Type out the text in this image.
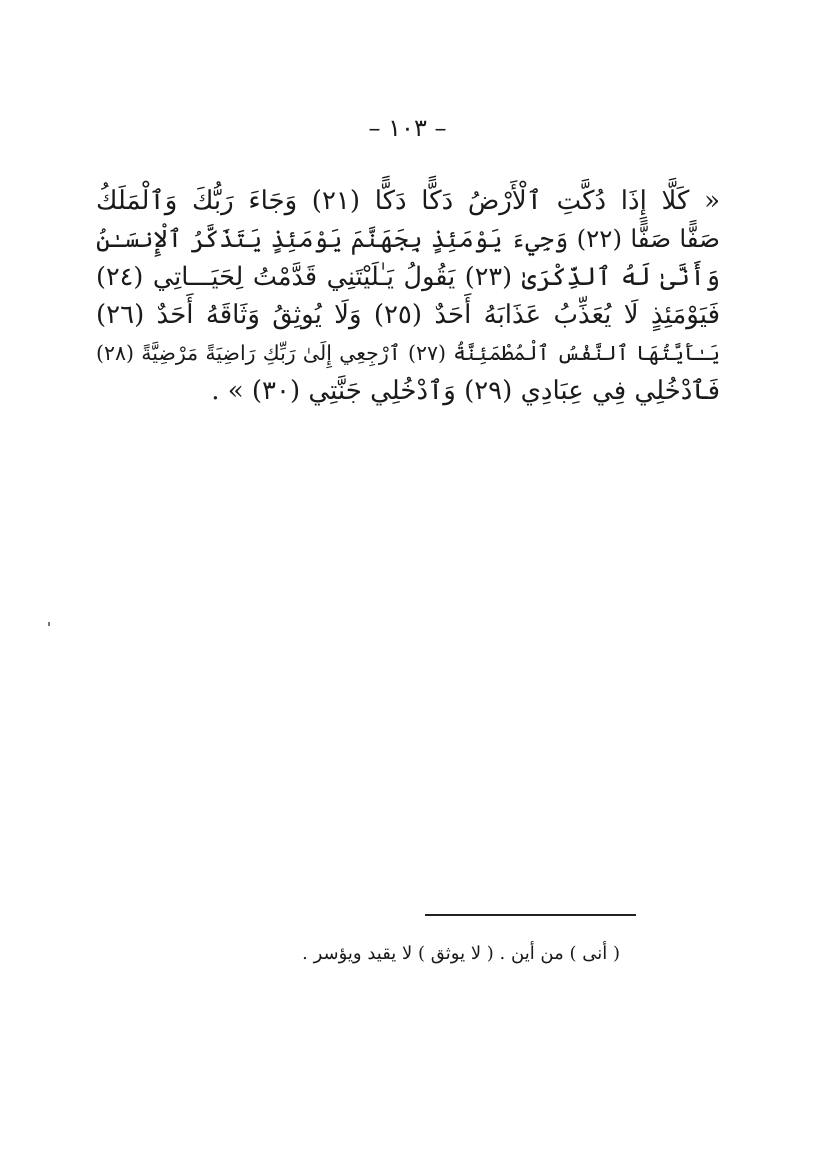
– ١٠٣ –
« كَلَّا إِذَا دُكَّتِ ٱلْأَرْضُ دَكًّا دَكًّا (٢١) وَجَاءَ رَبُّكَ وَٱلْمَلَكُ
صَفًّا صَفًّا (٢٢) وَجِيءَ يَوْمَئِذٍ بِجَهَنَّمَ يَوْمَئِذٍ يَتَذَكَّرُ ٱلْإِنسَـٰنُ
وَأَنَّىٰ لَهُ ٱلذِّكْرَىٰ (٢٣) يَقُولُ يَـٰلَيْتَنِي قَدَّمْتُ لِحَيَـــاتِي (٢٤)
فَيَوْمَئِذٍ لَا يُعَذِّبُ عَذَابَهُ أَحَدٌ (٢٥) وَلَا يُوثِقُ وَثَاقَهُ أَحَدٌ (٢٦)
يَـٰأَيَّتُهَا ٱلنَّفْسُ ٱلْمُطْمَئِنَّةُ (٢٧) ٱرْجِعِي إِلَىٰ رَبِّكِ رَاضِيَةً مَرْضِيَّةً (٢٨)
فَٱدْخُلِي فِي عِبَادِي (٢٩) وَٱدْخُلِي جَنَّتِي (٣٠) » .
( أنى ) من أين . ( لا يوثق ) لا يقيد ويؤسر .
